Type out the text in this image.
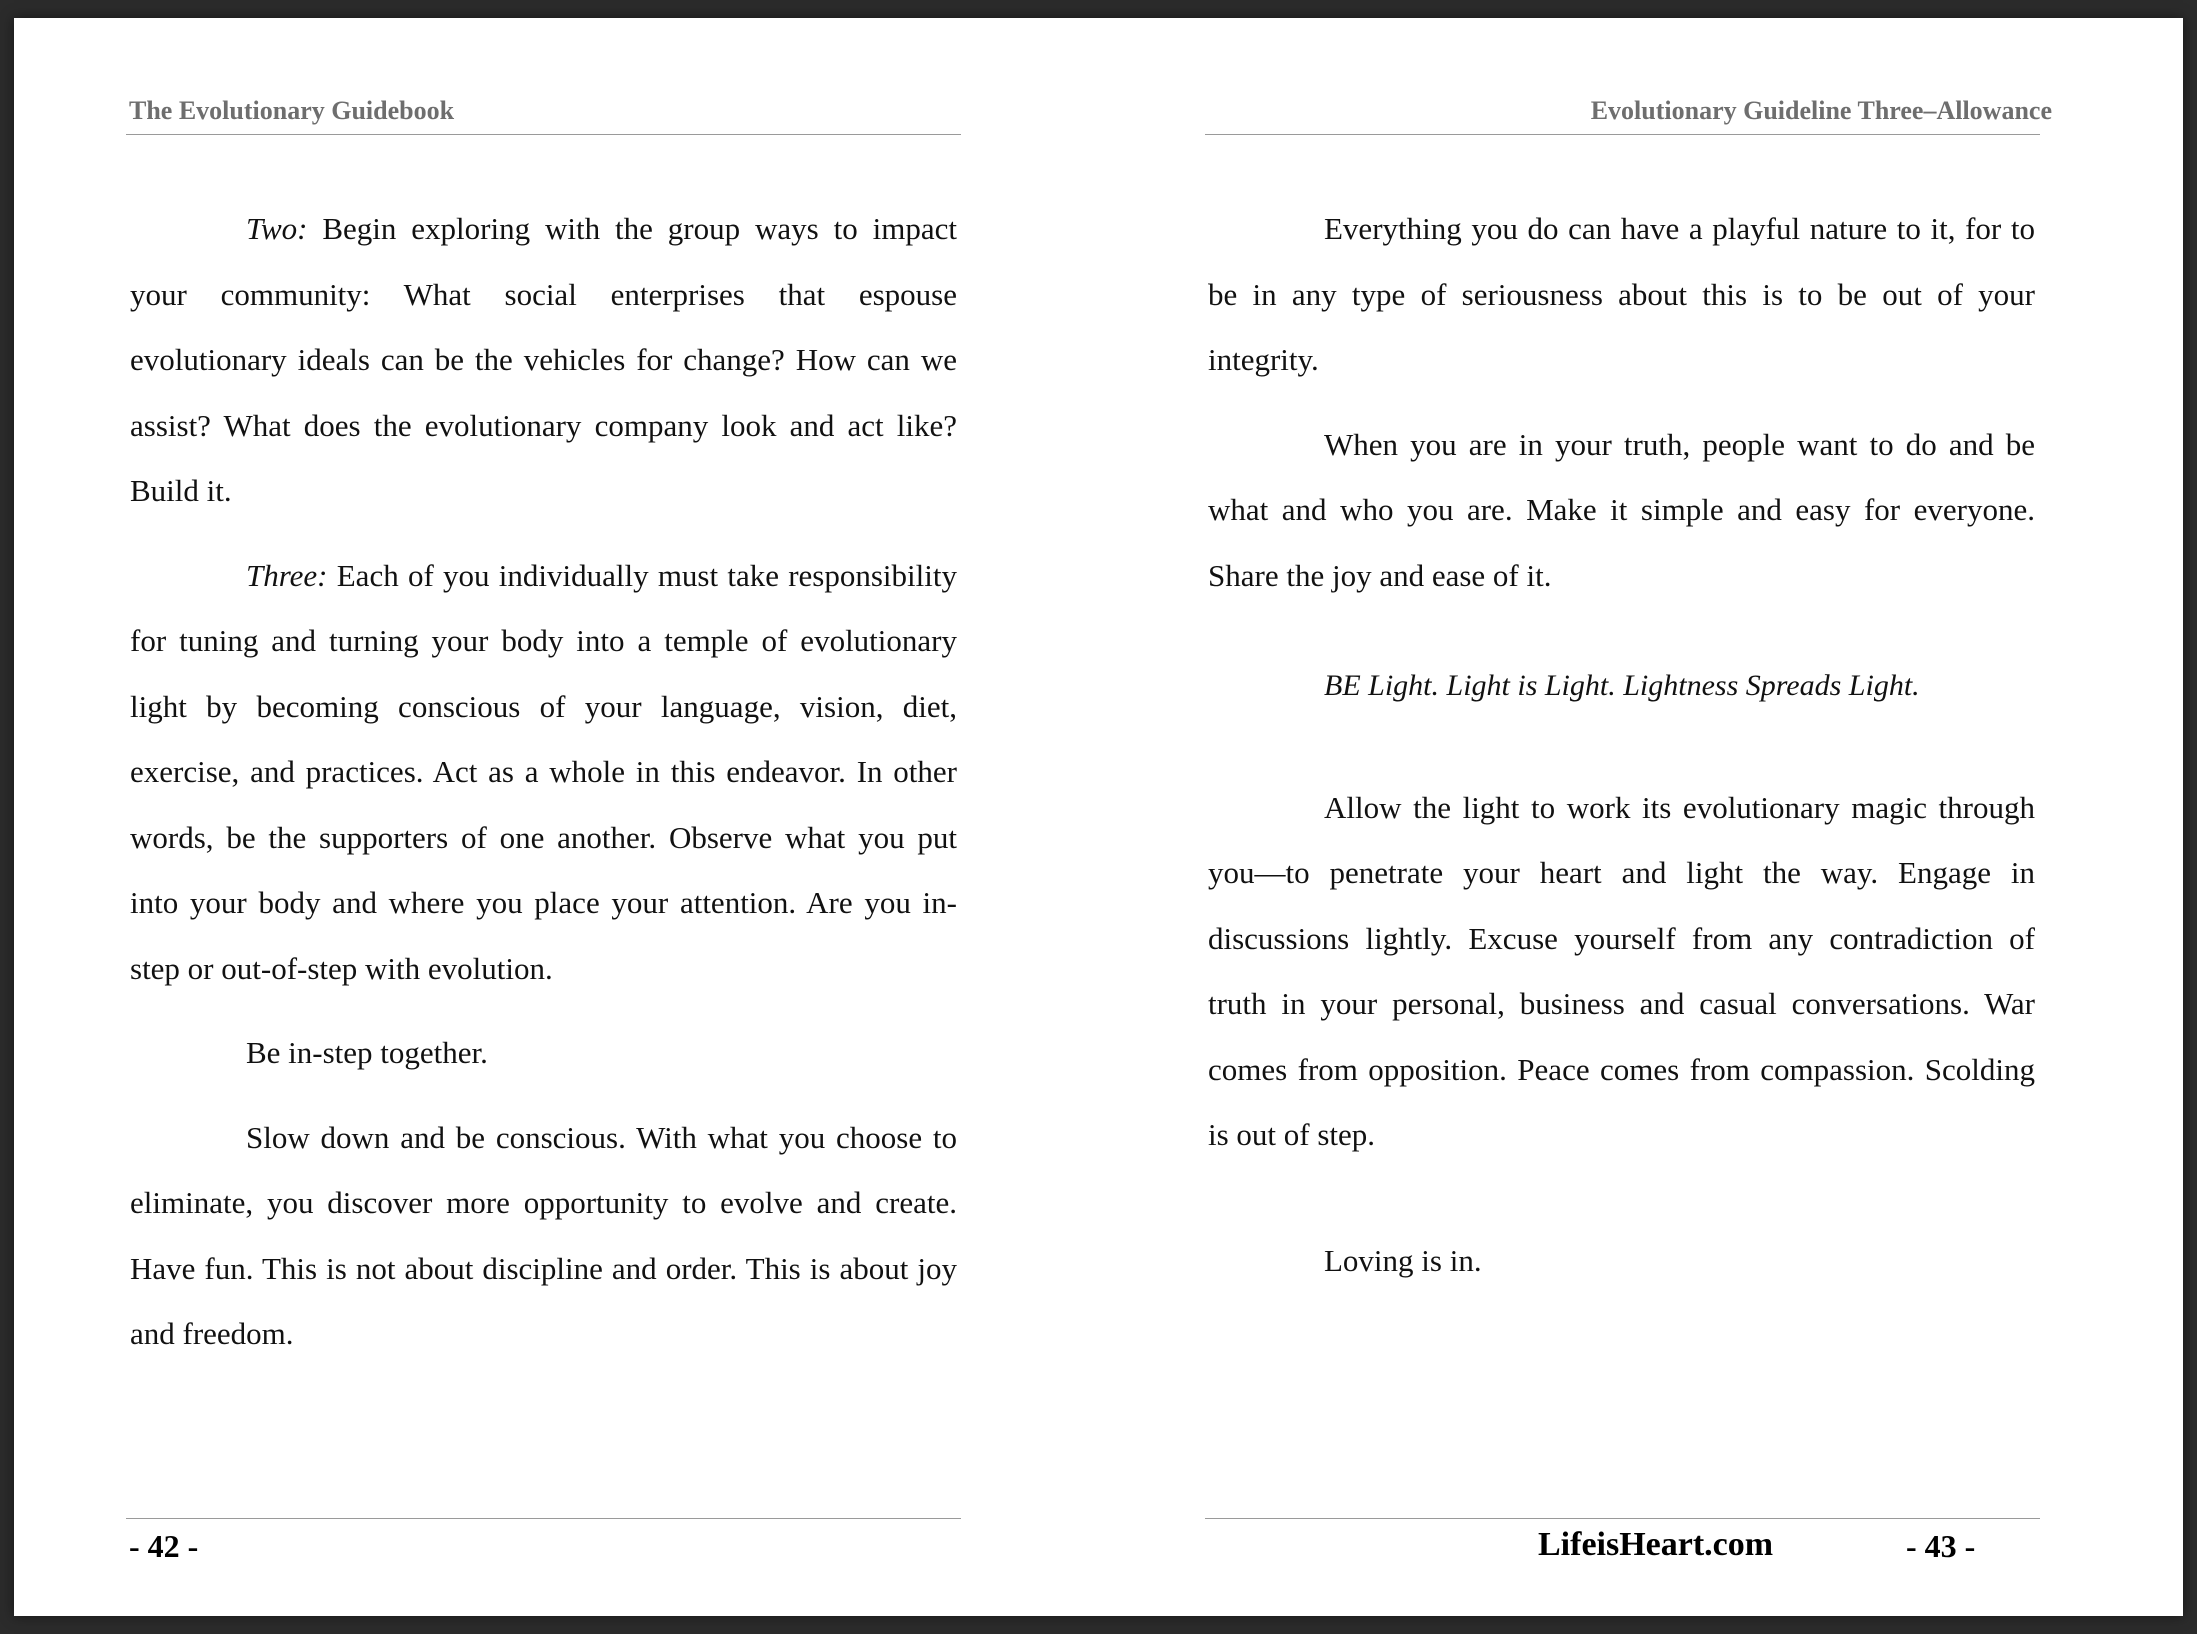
The Evolutionary Guidebook

Two: Begin exploring with the group ways to impact your community: What social enterprises that espouse evolutionary ideals can be the vehicles for change? How can we assist? What does the evolutionary company look and act like? Build it.

Three: Each of you individually must take responsibility for tuning and turning your body into a temple of evolutionary light by becoming conscious of your language, vision, diet, exercise, and practices. Act as a whole in this endeavor. In other words, be the supporters of one another. Observe what you put into your body and where you place your attention. Are you in-step or out-of-step with evolution.

Be in-step together.

Slow down and be conscious. With what you choose to eliminate, you discover more opportunity to evolve and create. Have fun. This is not about discipline and order. This is about joy and freedom.

- 42 -
Evolutionary Guideline Three–Allowance

Everything you do can have a playful nature to it, for to be in any type of seriousness about this is to be out of your integrity.

When you are in your truth, people want to do and be what and who you are. Make it simple and easy for everyone. Share the joy and ease of it.

BE Light. Light is Light. Lightness Spreads Light.

Allow the light to work its evolutionary magic through you—to penetrate your heart and light the way. Engage in discussions lightly. Excuse yourself from any contradiction of truth in your personal, business and casual conversations. War comes from opposition. Peace comes from compassion. Scolding is out of step.

Loving is in.

LifeisHeart.com	- 43 -
